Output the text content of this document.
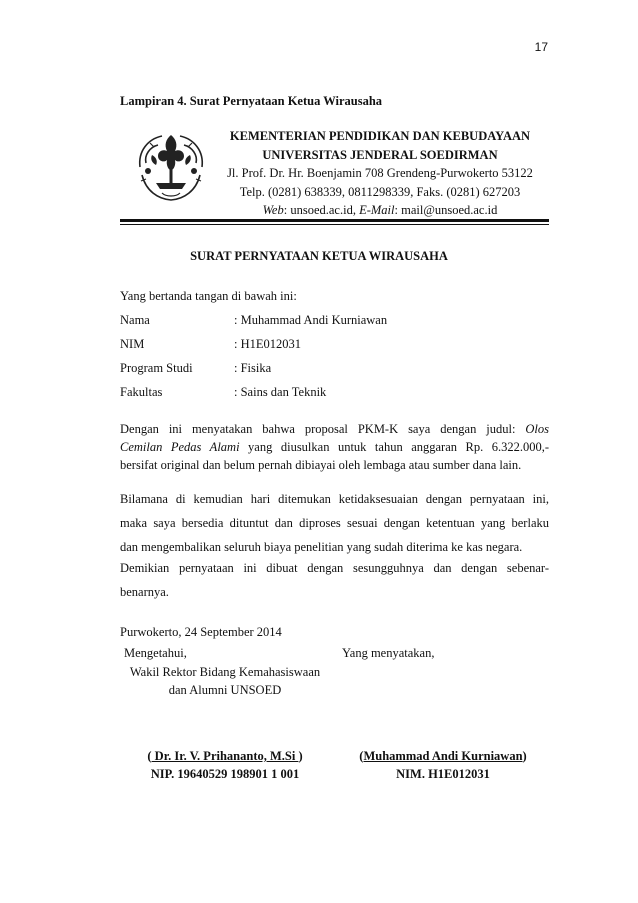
17
Lampiran 4. Surat Pernyataan Ketua Wirausaha
KEMENTERIAN PENDIDIKAN DAN KEBUDAYAAN
UNIVERSITAS JENDERAL SOEDIRMAN
Jl. Prof. Dr. Hr. Boenjamin 708 Grendeng-Purwokerto 53122
Telp. (0281) 638339, 0811298339, Faks. (0281) 627203
Web: unsoed.ac.id, E-Mail: mail@unsoed.ac.id
SURAT PERNYATAAN KETUA WIRAUSAHA
Yang bertanda tangan di bawah ini:
Nama	: Muhammad Andi Kurniawan
NIM	: H1E012031
Program Studi	: Fisika
Fakultas	: Sains dan Teknik
Dengan ini menyatakan bahwa proposal PKM-K saya dengan judul: Olos
Cemilan Pedas Alami yang diusulkan untuk tahun anggaran Rp. 6.322.000,-
bersifat original dan belum pernah dibiayai oleh lembaga atau sumber dana lain.
Bilamana di kemudian hari ditemukan ketidaksesuaian dengan pernyataan ini,
maka saya bersedia dituntut dan diproses sesuai dengan ketentuan yang berlaku
dan mengembalikan seluruh biaya penelitian yang sudah diterima ke kas negara.
Demikian pernyataan ini dibuat dengan sesungguhnya dan dengan sebenar-
benarnya.
Purwokerto, 24 September 2014
Mengetahui,	Yang menyatakan,
Wakil Rektor Bidang Kemahasiswaan
dan Alumni UNSOED
( Dr. Ir. V. Prihananto, M.Si )
NIP. 19640529 198901 1 001
(Muhammad Andi Kurniawan)
NIM. H1E012031
